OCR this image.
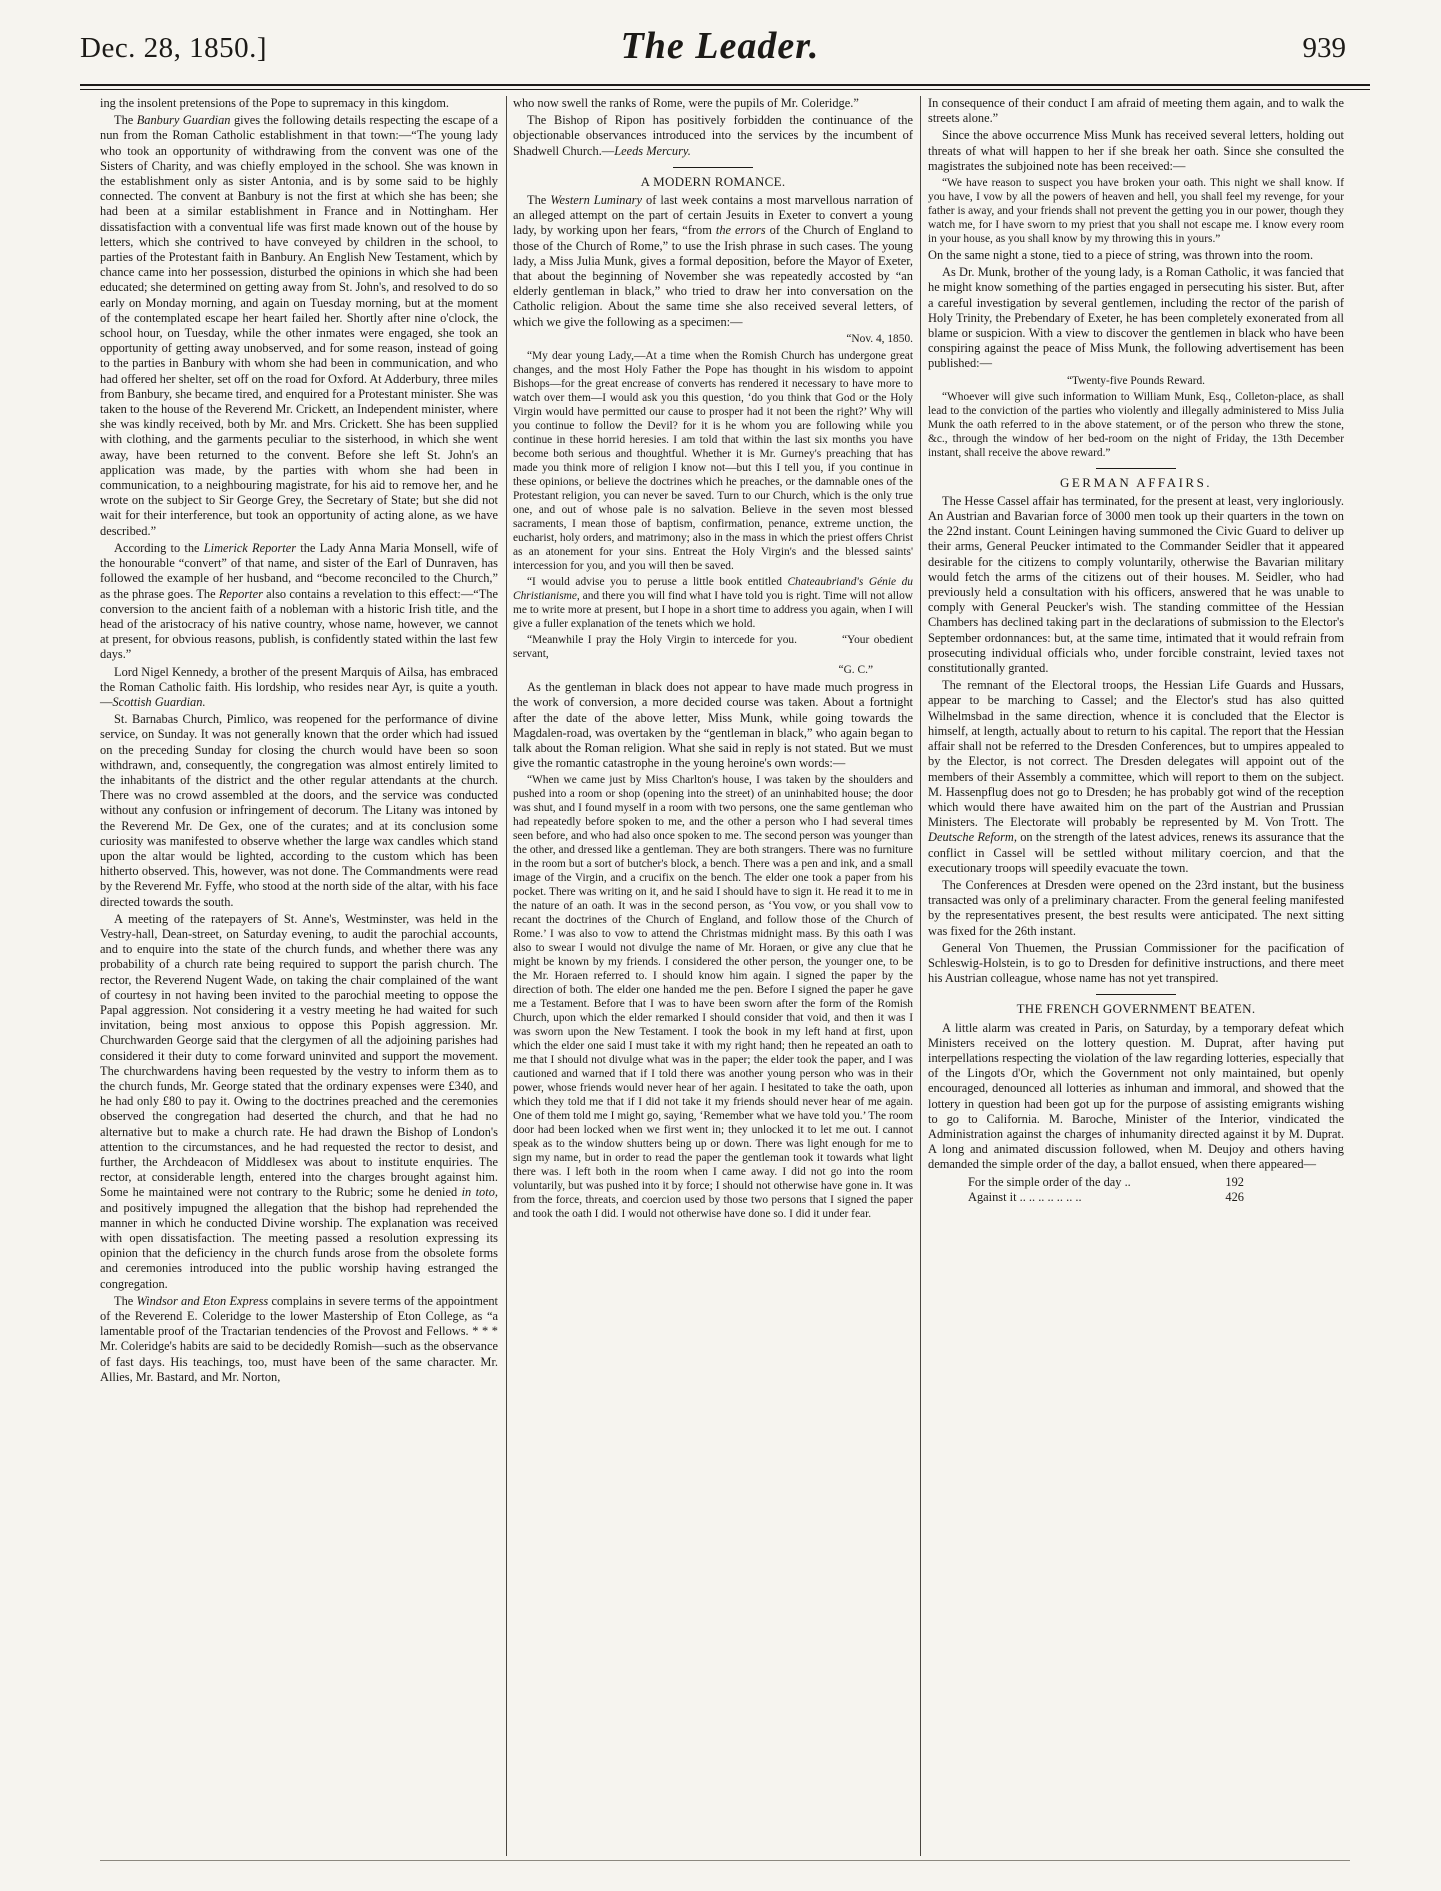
Dec. 28, 1850.]	The Leader.	939

ing the insolent pretensions of the Pope to supremacy in this kingdom.

The Banbury Guardian gives the following details respecting the escape of a nun from the Roman Catholic establishment in that town:—“The young lady who took an opportunity of withdrawing from the convent was one of the Sisters of Charity, and was chiefly employed in the school. She was known in the establishment only as sister Antonia, and is by some said to be highly connected. The convent at Banbury is not the first at which she has been; she had been at a similar establishment in France and in Nottingham. Her dissatisfaction with a conventual life was first made known out of the house by letters, which she contrived to have conveyed by children in the school, to parties of the Protestant faith in Banbury. An English New Testament, which by chance came into her possession, disturbed the opinions in which she had been educated; she determined on getting away from St. John's, and resolved to do so early on Monday morning, and again on Tuesday morning, but at the moment of the contemplated escape her heart failed her. Shortly after nine o'clock, the school hour, on Tuesday, while the other inmates were engaged, she took an opportunity of getting away unobserved, and for some reason, instead of going to the parties in Banbury with whom she had been in communication, and who had offered her shelter, set off on the road for Oxford. At Adderbury, three miles from Banbury, she became tired, and enquired for a Protestant minister. She was taken to the house of the Reverend Mr. Crickett, an Independent minister, where she was kindly received, both by Mr. and Mrs. Crickett. She has been supplied with clothing, and the garments peculiar to the sisterhood, in which she went away, have been returned to the convent. Before she left St. John's an application was made, by the parties with whom she had been in communication, to a neighbouring magistrate, for his aid to remove her, and he wrote on the subject to Sir George Grey, the Secretary of State; but she did not wait for their interference, but took an opportunity of acting alone, as we have described.”

According to the Limerick Reporter the Lady Anna Maria Monsell, wife of the honourable “convert” of that name, and sister of the Earl of Dunraven, has followed the example of her husband, and “become reconciled to the Church,” as the phrase goes. The Reporter also contains a revelation to this effect:—“The conversion to the ancient faith of a nobleman with a historic Irish title, and the head of the aristocracy of his native country, whose name, however, we cannot at present, for obvious reasons, publish, is confidently stated within the last few days.”

Lord Nigel Kennedy, a brother of the present Marquis of Ailsa, has embraced the Roman Catholic faith. His lordship, who resides near Ayr, is quite a youth.—Scottish Guardian.

St. Barnabas Church, Pimlico, was reopened for the performance of divine service, on Sunday. It was not generally known that the order which had issued on the preceding Sunday for closing the church would have been so soon withdrawn, and, consequently, the congregation was almost entirely limited to the inhabitants of the district and the other regular attendants at the church. There was no crowd assembled at the doors, and the service was conducted without any confusion or infringement of decorum. The Litany was intoned by the Reverend Mr. De Gex, one of the curates; and at its conclusion some curiosity was manifested to observe whether the large wax candles which stand upon the altar would be lighted, according to the custom which has been hitherto observed. This, however, was not done. The Commandments were read by the Reverend Mr. Fyffe, who stood at the north side of the altar, with his face directed towards the south.

A meeting of the ratepayers of St. Anne's, Westminster, was held in the Vestry-hall, Dean-street, on Saturday evening, to audit the parochial accounts, and to enquire into the state of the church funds, and whether there was any probability of a church rate being required to support the parish church. The rector, the Reverend Nugent Wade, on taking the chair complained of the want of courtesy in not having been invited to the parochial meeting to oppose the Papal aggression. Not considering it a vestry meeting he had waited for such invitation, being most anxious to oppose this Popish aggression. Mr. Churchwarden George said that the clergymen of all the adjoining parishes had considered it their duty to come forward uninvited and support the movement. The churchwardens having been requested by the vestry to inform them as to the church funds, Mr. George stated that the ordinary expenses were £340, and he had only £80 to pay it. Owing to the doctrines preached and the ceremonies observed the congregation had deserted the church, and that he had no alternative but to make a church rate. He had drawn the Bishop of London's attention to the circumstances, and he had requested the rector to desist, and further, the Archdeacon of Middlesex was about to institute enquiries. The rector, at considerable length, entered into the charges brought against him. Some he maintained were not contrary to the Rubric; some he denied in toto, and positively impugned the allegation that the bishop had reprehended the manner in which he conducted Divine worship. The explanation was received with open dissatisfaction. The meeting passed a resolution expressing its opinion that the deficiency in the church funds arose from the obsolete forms and ceremonies introduced into the public worship having estranged the congregation.

The Windsor and Eton Express complains in severe terms of the appointment of the Reverend E. Coleridge to the lower Mastership of Eton College, as “a lamentable proof of the Tractarian tendencies of the Provost and Fellows. * * * Mr. Coleridge's habits are said to be decidedly Romish—such as the observance of fast days. His teachings, too, must have been of the same character. Mr. Allies, Mr. Bastard, and Mr. Norton,

who now swell the ranks of Rome, were the pupils of Mr. Coleridge.”

The Bishop of Ripon has positively forbidden the continuance of the objectionable observances introduced into the services by the incumbent of Shadwell Church.—Leeds Mercury.

A MODERN ROMANCE.

The Western Luminary of last week contains a most marvellous narration of an alleged attempt on the part of certain Jesuits in Exeter to convert a young lady, by working upon her fears, “from the errors of the Church of England to those of the Church of Rome,” to use the Irish phrase in such cases. The young lady, a Miss Julia Munk, gives a formal deposition, before the Mayor of Exeter, that about the beginning of November she was repeatedly accosted by “an elderly gentleman in black,” who tried to draw her into conversation on the Catholic religion. About the same time she also received several letters, of which we give the following as a specimen:—

“Nov. 4, 1850.

“My dear young Lady,—At a time when the Romish Church has undergone great changes, and the most Holy Father the Pope has thought in his wisdom to appoint Bishops—for the great encrease of converts has rendered it necessary to have more to watch over them—I would ask you this question, ‘do you think that God or the Holy Virgin would have permitted our cause to prosper had it not been the right?’ Why will you continue to follow the Devil? for it is he whom you are following while you continue in these horrid heresies. I am told that within the last six months you have become both serious and thoughtful. Whether it is Mr. Gurney's preaching that has made you think more of religion I know not—but this I tell you, if you continue in these opinions, or believe the doctrines which he preaches, or the damnable ones of the Protestant religion, you can never be saved. Turn to our Church, which is the only true one, and out of whose pale is no salvation. Believe in the seven most blessed sacraments, I mean those of baptism, confirmation, penance, extreme unction, the eucharist, holy orders, and matrimony; also in the mass in which the priest offers Christ as an atonement for your sins. Entreat the Holy Virgin's and the blessed saints' intercession for you, and you will then be saved.

“I would advise you to peruse a little book entitled Chateaubriand's Génie du Christianisme, and there you will find what I have told you is right. Time will not allow me to write more at present, but I hope in a short time to address you again, when I will give a fuller explanation of the tenets which we hold.

“Meanwhile I pray the Holy Virgin to intercede for you.          “Your obedient servant,

“G. C.”

As the gentleman in black does not appear to have made much progress in the work of conversion, a more decided course was taken. About a fortnight after the date of the above letter, Miss Munk, while going towards the Magdalen-road, was overtaken by the “gentleman in black,” who again began to talk about the Roman religion. What she said in reply is not stated. But we must give the romantic catastrophe in the young heroine's own words:—

“When we came just by Miss Charlton's house, I was taken by the shoulders and pushed into a room or shop (opening into the street) of an uninhabited house; the door was shut, and I found myself in a room with two persons, one the same gentleman who had repeatedly before spoken to me, and the other a person who I had several times seen before, and who had also once spoken to me. The second person was younger than the other, and dressed like a gentleman. They are both strangers. There was no furniture in the room but a sort of butcher's block, a bench. There was a pen and ink, and a small image of the Virgin, and a crucifix on the bench. The elder one took a paper from his pocket. There was writing on it, and he said I should have to sign it. He read it to me in the nature of an oath. It was in the second person, as ‘You vow, or you shall vow to recant the doctrines of the Church of England, and follow those of the Church of Rome.’ I was also to vow to attend the Christmas midnight mass. By this oath I was also to swear I would not divulge the name of Mr. Horaen, or give any clue that he might be known by my friends. I considered the other person, the younger one, to be the Mr. Horaen referred to. I should know him again. I signed the paper by the direction of both. The elder one handed me the pen. Before I signed the paper he gave me a Testament. Before that I was to have been sworn after the form of the Romish Church, upon which the elder remarked I should consider that void, and then it was I was sworn upon the New Testament. I took the book in my left hand at first, upon which the elder one said I must take it with my right hand; then he repeated an oath to me that I should not divulge what was in the paper; the elder took the paper, and I was cautioned and warned that if I told there was another young person who was in their power, whose friends would never hear of her again. I hesitated to take the oath, upon which they told me that if I did not take it my friends should never hear of me again. One of them told me I might go, saying, ‘Remember what we have told you.’ The room door had been locked when we first went in; they unlocked it to let me out. I cannot speak as to the window shutters being up or down. There was light enough for me to sign my name, but in order to read the paper the gentleman took it towards what light there was. I left both in the room when I came away. I did not go into the room voluntarily, but was pushed into it by force; I should not otherwise have gone in. It was from the force, threats, and coercion used by those two persons that I signed the paper and took the oath I did. I would not otherwise have done so. I did it under fear.

In consequence of their conduct I am afraid of meeting them again, and to walk the streets alone.”

Since the above occurrence Miss Munk has received several letters, holding out threats of what will happen to her if she break her oath. Since she consulted the magistrates the subjoined note has been received:—

“We have reason to suspect you have broken your oath. This night we shall know. If you have, I vow by all the powers of heaven and hell, you shall feel my revenge, for your father is away, and your friends shall not prevent the getting you in our power, though they watch me, for I have sworn to my priest that you shall not escape me. I know every room in your house, as you shall know by my throwing this in yours.”

On the same night a stone, tied to a piece of string, was thrown into the room.

As Dr. Munk, brother of the young lady, is a Roman Catholic, it was fancied that he might know something of the parties engaged in persecuting his sister. But, after a careful investigation by several gentlemen, including the rector of the parish of Holy Trinity, the Prebendary of Exeter, he has been completely exonerated from all blame or suspicion. With a view to discover the gentlemen in black who have been conspiring against the peace of Miss Munk, the following advertisement has been published:—

“Twenty-five Pounds Reward.

“Whoever will give such information to William Munk, Esq., Colleton-place, as shall lead to the conviction of the parties who violently and illegally administered to Miss Julia Munk the oath referred to in the above statement, or of the person who threw the stone, &c., through the window of her bed-room on the night of Friday, the 13th December instant, shall receive the above reward.”

GERMAN AFFAIRS.

The Hesse Cassel affair has terminated, for the present at least, very ingloriously. An Austrian and Bavarian force of 3000 men took up their quarters in the town on the 22nd instant. Count Leiningen having summoned the Civic Guard to deliver up their arms, General Peucker intimated to the Commander Seidler that it appeared desirable for the citizens to comply voluntarily, otherwise the Bavarian military would fetch the arms of the citizens out of their houses. M. Seidler, who had previously held a consultation with his officers, answered that he was unable to comply with General Peucker's wish. The standing committee of the Hessian Chambers has declined taking part in the declarations of submission to the Elector's September ordonnances: but, at the same time, intimated that it would refrain from prosecuting individual officials who, under forcible constraint, levied taxes not constitutionally granted.

The remnant of the Electoral troops, the Hessian Life Guards and Hussars, appear to be marching to Cassel; and the Elector's stud has also quitted Wilhelmsbad in the same direction, whence it is concluded that the Elector is himself, at length, actually about to return to his capital. The report that the Hessian affair shall not be referred to the Dresden Conferences, but to umpires appealed to by the Elector, is not correct. The Dresden delegates will appoint out of the members of their Assembly a committee, which will report to them on the subject. M. Hassenpflug does not go to Dresden; he has probably got wind of the reception which would there have awaited him on the part of the Austrian and Prussian Ministers. The Electorate will probably be represented by M. Von Trott. The Deutsche Reform, on the strength of the latest advices, renews its assurance that the conflict in Cassel will be settled without military coercion, and that the executionary troops will speedily evacuate the town.

The Conferences at Dresden were opened on the 23rd instant, but the business transacted was only of a preliminary character. From the general feeling manifested by the representatives present, the best results were anticipated. The next sitting was fixed for the 26th instant.

General Von Thuemen, the Prussian Commissioner for the pacification of Schleswig-Holstein, is to go to Dresden for definitive instructions, and there meet his Austrian colleague, whose name has not yet transpired.

THE FRENCH GOVERNMENT BEATEN.

A little alarm was created in Paris, on Saturday, by a temporary defeat which Ministers received on the lottery question. M. Duprat, after having put interpellations respecting the violation of the law regarding lotteries, especially that of the Lingots d'Or, which the Government not only maintained, but openly encouraged, denounced all lotteries as inhuman and immoral, and showed that the lottery in question had been got up for the purpose of assisting emigrants wishing to go to California. M. Baroche, Minister of the Interior, vindicated the Administration against the charges of inhumanity directed against it by M. Duprat. A long and animated discussion followed, when M. Deujoy and others having demanded the simple order of the day, a ballot ensued, when there appeared—

For the simple order of the day ..	192
Against it .. .. .. .. .. .. ..	426
